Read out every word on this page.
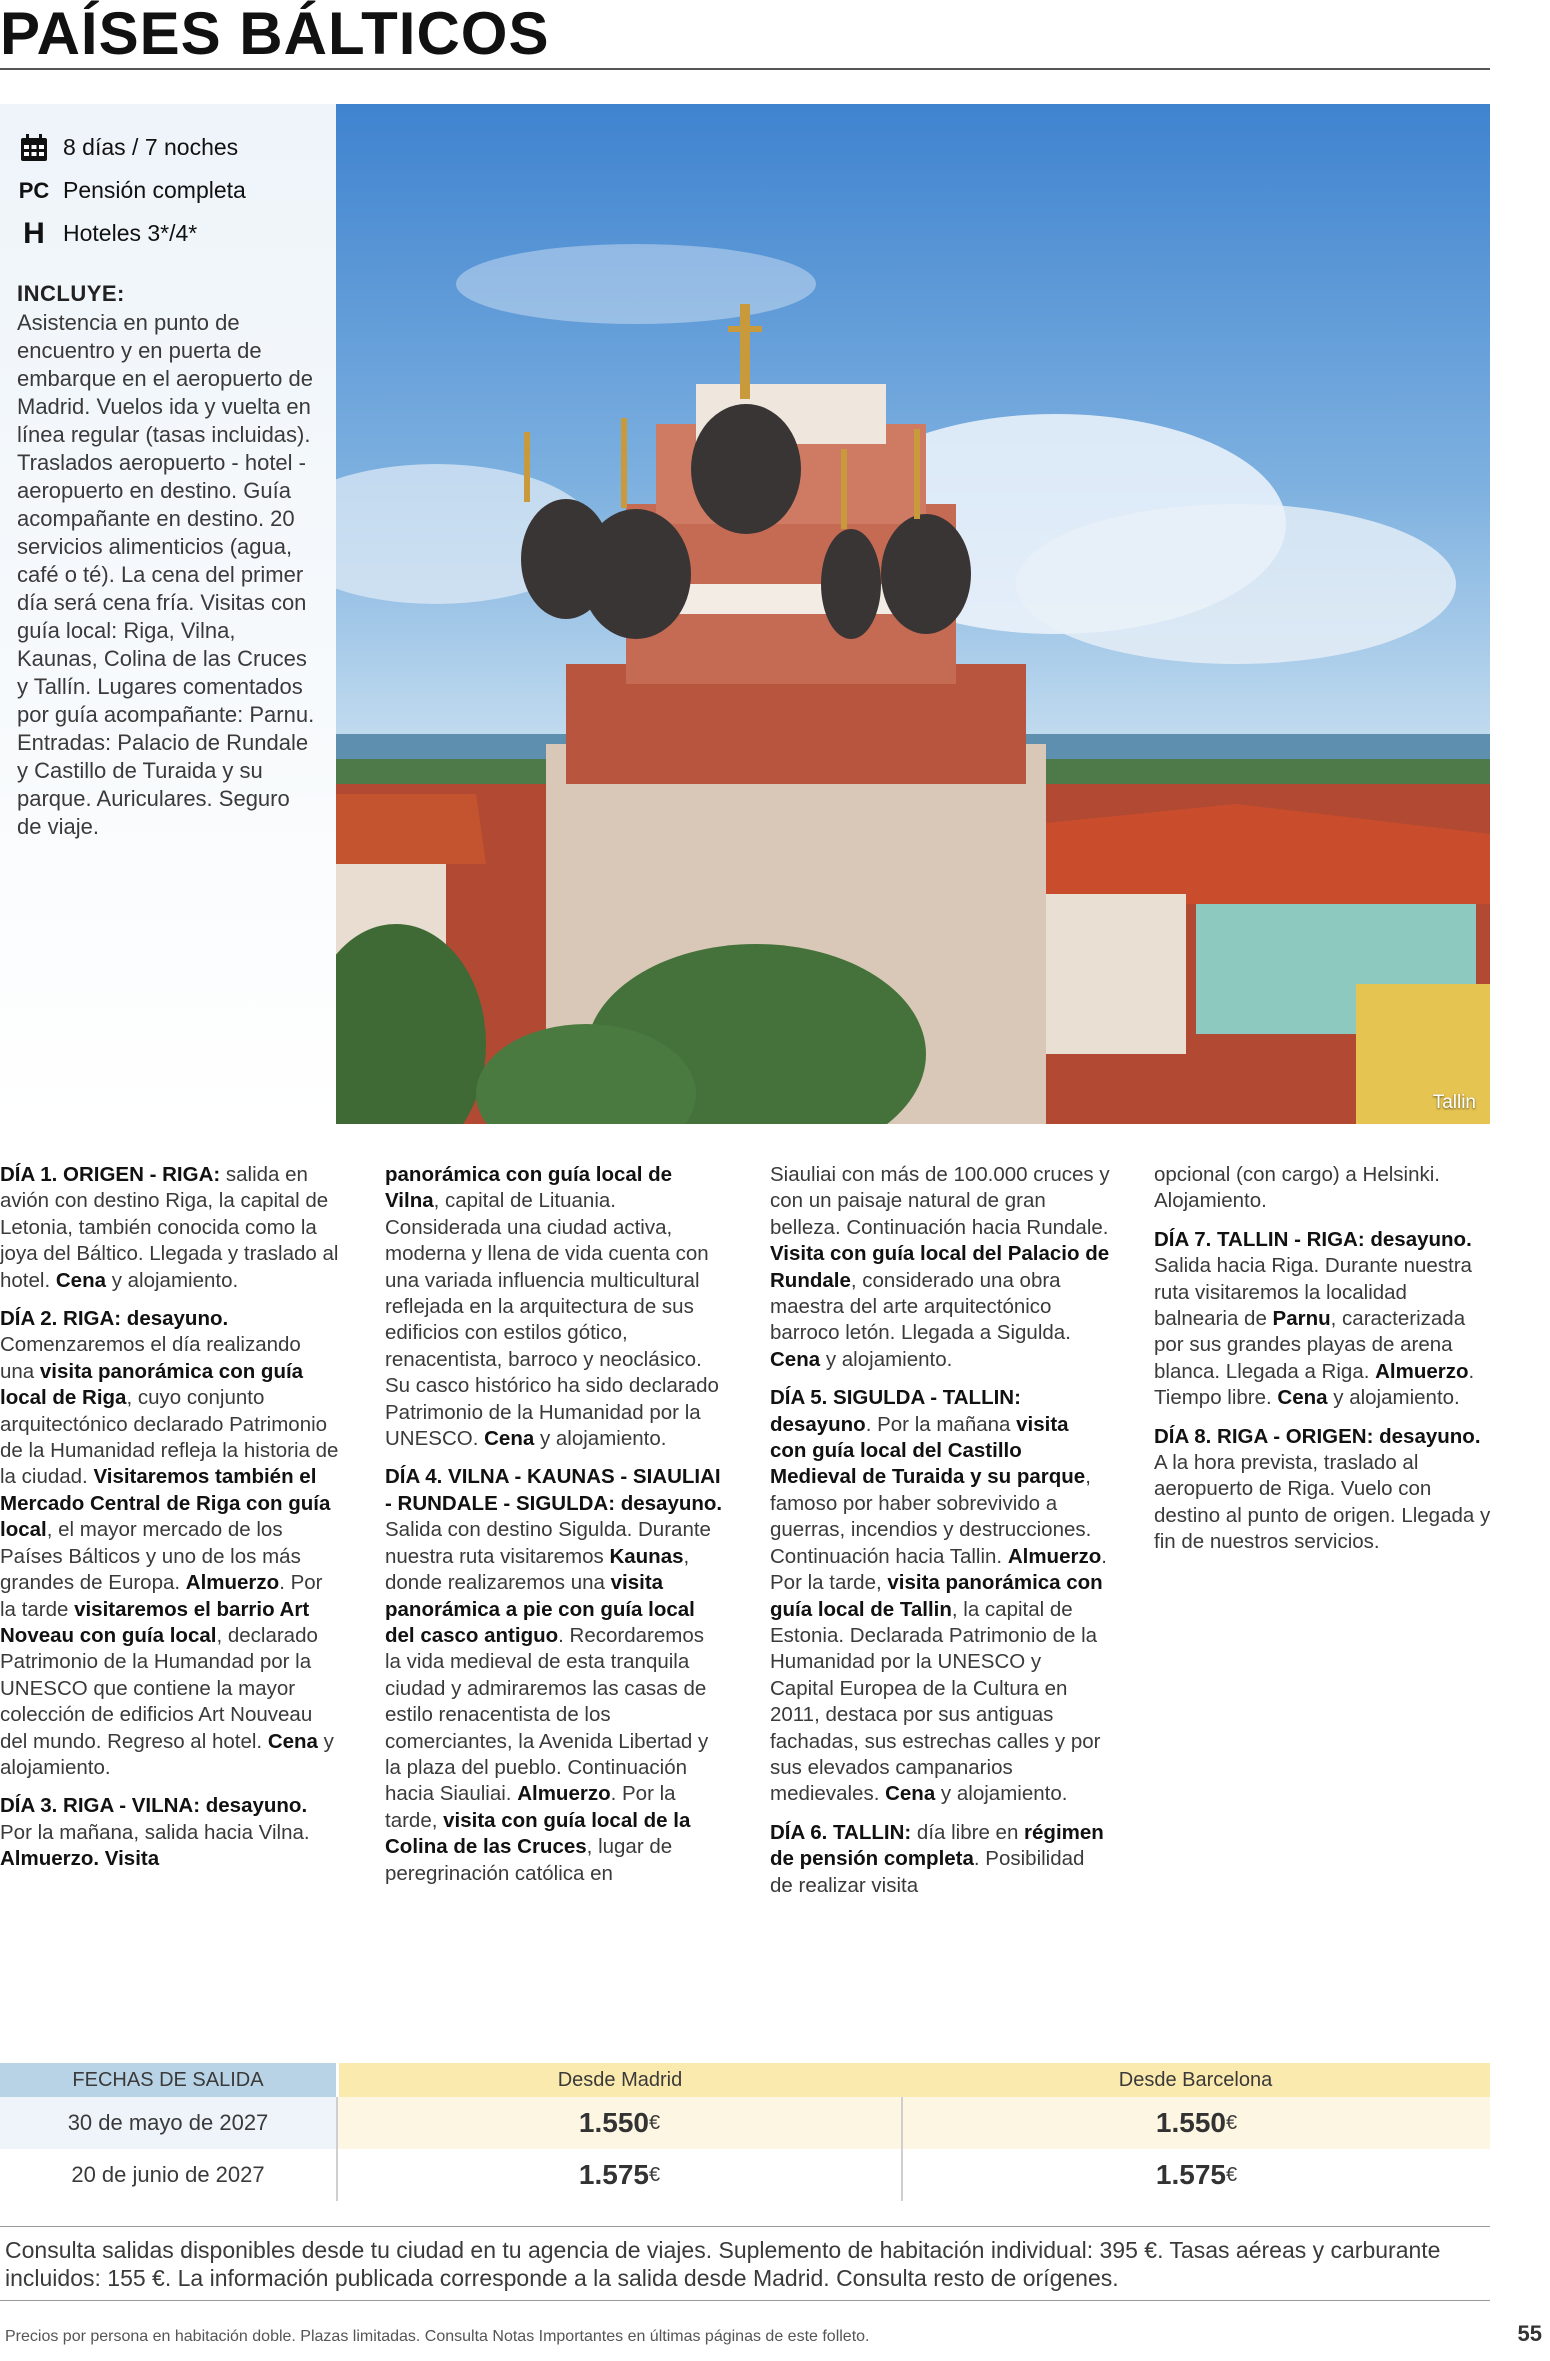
PAÍSES BÁLTICOS
8 días / 7 noches
PC Pensión completa
H Hoteles 3*/4*
INCLUYE:
Asistencia en punto de encuentro y en puerta de embarque en el aeropuerto de Madrid. Vuelos ida y vuelta en línea regular (tasas incluidas). Traslados aeropuerto - hotel - aeropuerto en destino. Guía acompañante en destino. 20 servicios alimenticios (agua, café o té). La cena del primer día será cena fría. Visitas con guía local: Riga, Vilna, Kaunas, Colina de las Cruces y Tallín. Lugares comentados por guía acompañante: Parnu. Entradas: Palacio de Rundale y Castillo de Turaida y su parque. Auriculares. Seguro de viaje.
Tallin

DÍA 1. ORIGEN - RIGA: salida en avión con destino Riga, la capital de Letonia, también conocida como la joya del Báltico. Llegada y traslado al hotel. Cena y alojamiento.

DÍA 2. RIGA: desayuno. Comenzaremos el día realizando una visita panorámica con guía local de Riga, cuyo conjunto arquitectónico declarado Patrimonio de la Humanidad refleja la historia de la ciudad. Visitaremos también el Mercado Central de Riga con guía local, el mayor mercado de los Países Bálticos y uno de los más grandes de Europa. Almuerzo. Por la tarde visitaremos el barrio Art Noveau con guía local, declarado Patrimonio de la Humandad por la UNESCO que contiene la mayor colección de edificios Art Nouveau del mundo. Regreso al hotel. Cena y alojamiento.

DÍA 3. RIGA - VILNA: desayuno. Por la mañana, salida hacia Vilna. Almuerzo. Visita

panorámica con guía local de Vilna, capital de Lituania. Considerada una ciudad activa, moderna y llena de vida cuenta con una variada influencia multicultural reflejada en la arquitectura de sus edificios con estilos gótico, renacentista, barroco y neoclásico. Su casco histórico ha sido declarado Patrimonio de la Humanidad por la UNESCO. Cena y alojamiento.

DÍA 4. VILNA - KAUNAS - SIAULIAI - RUNDALE - SIGULDA: desayuno. Salida con destino Sigulda. Durante nuestra ruta visitaremos Kaunas, donde realizaremos una visita panorámica a pie con guía local del casco antiguo. Recordaremos la vida medieval de esta tranquila ciudad y admiraremos las casas de estilo renacentista de los comerciantes, la Avenida Libertad y la plaza del pueblo. Continuación hacia Siauliai. Almuerzo. Por la tarde, visita con guía local de la Colina de las Cruces, lugar de peregrinación católica en

Siauliai con más de 100.000 cruces y con un paisaje natural de gran belleza. Continuación hacia Rundale. Visita con guía local del Palacio de Rundale, considerado una obra maestra del arte arquitectónico barroco letón. Llegada a Sigulda. Cena y alojamiento.

DÍA 5. SIGULDA - TALLIN: desayuno. Por la mañana visita con guía local del Castillo Medieval de Turaida y su parque, famoso por haber sobrevivido a guerras, incendios y destrucciones. Continuación hacia Tallin. Almuerzo. Por la tarde, visita panorámica con guía local de Tallin, la capital de Estonia. Declarada Patrimonio de la Humanidad por la UNESCO y Capital Europea de la Cultura en 2011, destaca por sus antiguas fachadas, sus estrechas calles y por sus elevados campanarios medievales. Cena y alojamiento.

DÍA 6. TALLIN: día libre en régimen de pensión completa. Posibilidad de realizar visita

opcional (con cargo) a Helsinki. Alojamiento.

DÍA 7. TALLIN - RIGA: desayuno. Salida hacia Riga. Durante nuestra ruta visitaremos la localidad balnearia de Parnu, caracterizada por sus grandes playas de arena blanca. Llegada a Riga. Almuerzo. Tiempo libre. Cena y alojamiento.

DÍA 8. RIGA - ORIGEN: desayuno. A la hora prevista, traslado al aeropuerto de Riga. Vuelo con destino al punto de origen. Llegada y fin de nuestros servicios.

FECHAS DE SALIDA	Desde Madrid	Desde Barcelona
30 de mayo de 2027	1.550 €	1.550 €
20 de junio de 2027	1.575 €	1.575 €
Consulta salidas disponibles desde tu ciudad en tu agencia de viajes. Suplemento de habitación individual: 395 €. Tasas aéreas y carburante incluidos: 155 €. La información publicada corresponde a la salida desde Madrid. Consulta resto de orígenes.
Precios por persona en habitación doble. Plazas limitadas. Consulta Notas Importantes en últimas páginas de este folleto.	55
